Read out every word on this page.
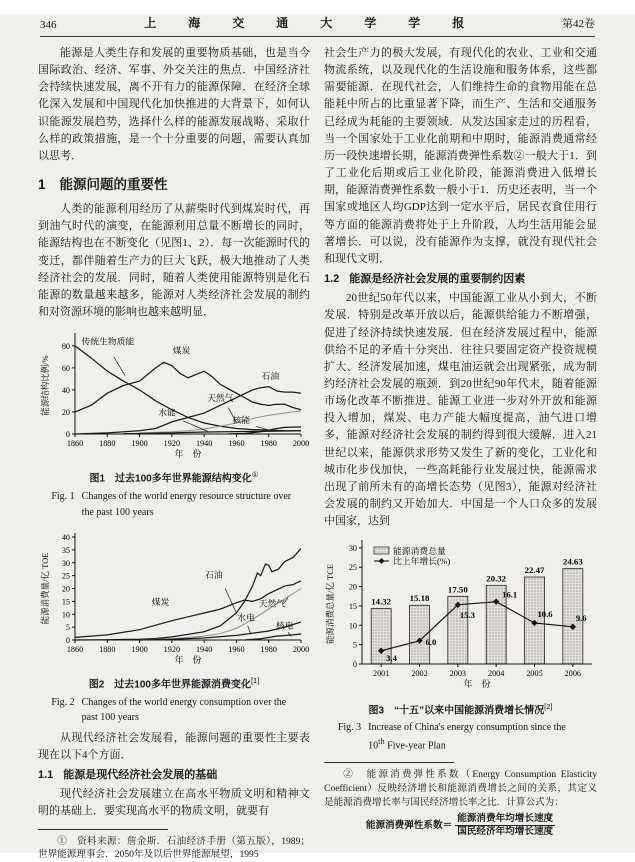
346	上　海　交　通　大　学　学　报	第42卷

能源是人类生存和发展的重要物质基础，也是当今国际政治、经济、军事、外交关注的焦点．中国经济社会持续快速发展，离不开有力的能源保障．在经济全球化深入发展和中国现代化加快推进的大背景下，如何认识能源发展趋势，选择什么样的能源发展战略、采取什么样的政策措施，是一个十分重要的问题，需要认真加以思考．

1 能源问题的重要性

人类的能源利用经历了从薪柴时代到煤炭时代，再到油气时代的演变，在能源利用总量不断增长的同时，能源结构也在不断变化（见图1、2）．每一次能源时代的变迁，都伴随着生产力的巨大飞跃，极大地推动了人类经济社会的发展．同时，随着人类使用能源特别是化石能源的数量越来越多，能源对人类经济社会发展的制约和对资源环境的影响也越来越明显．

0
20
40
60
80
1860 1880 1900 1920 1940 1960 1980 2000
年　份
能源结构比例/%
传统生物质能
煤炭
石油
天然气
水能
核能
图1　过去100多年世界能源结构变化①
Fig. 1 Changes of the world energy resource structure over the past 100 years
0
5
10
15
20
25
30
35
40
1860 1880 1900 1920 1940 1960 1980 2000
年　份
能源消费量/亿 TOE	石油
煤炭	天然气
水电
核电
图2　过去100多年世界能源消费变化[1]
Fig. 2 Changes of the world energy consumption over the past 100 years

从现代经济社会发展看，能源问题的重要性主要表现在以下4个方面．

1.1 能源是现代经济社会发展的基础

现代经济社会发展建立在高水平物质文明和精神文明的基础上．要实现高水平的物质文明，就要有

①　资料来源：詹金斯．石油经济手册（第五版），1989；世界能源理事会．2050年及以后世界能源展望，1995

社会生产力的极大发展，有现代化的农业、工业和交通物流系统，以及现代化的生活设施和服务体系，这些都需要能源．在现代社会，人们维持生命的食物用能在总能耗中所占的比重显著下降，而生产、生活和交通服务已经成为耗能的主要领域．从发达国家走过的历程看，当一个国家处于工业化前期和中期时，能源消费通常经历一段快速增长期，能源消费弹性系数②一般大于1．到了工业化后期或后工业化阶段，能源消费进入低增长期，能源消费弹性系数一般小于1．历史还表明，当一个国家或地区人均GDP达到一定水平后，居民衣食住用行等方面的能源消费将处于上升阶段，人均生活用能会显著增长．可以说，没有能源作为支撑，就没有现代社会和现代文明．

1.2 能源是经济社会发展的重要制约因素

20世纪50年代以来，中国能源工业从小到大，不断发展．特别是改革开放以后，能源供给能力不断增强，促进了经济持续快速发展．但在经济发展过程中，能源供给不足的矛盾十分突出．往往只要固定资产投资规模扩大、经济发展加速，煤电油运就会出现紧张，成为制约经济社会发展的瓶颈．到20世纪90年代末，随着能源市场化改革不断推进、能源工业进一步对外开放和能源投入增加，煤炭、电力产能大幅度提高，油气进口增多，能源对经济社会发展的制约得到很大缓解．进入21世纪以来，能源供求形势又发生了新的变化，工业化和城市化步伐加快，一些高耗能行业发展过快，能源需求出现了前所未有的高增长态势（见图3），能源对经济社会发展的制约又开始加大．中国是一个人口众多的发展中国家，达到

14.32 15.18
17.50
20.32
22.47
24.63
3.4
6.0
15.3
16.1
10.6	9.6
0
5
10
15
20
25
30
2001	2002	2003	2004	2005	2006
年　份
能源消费总量/亿 TCE
能源消费总量
比上年增长(%)
图3　“十五”以来中国能源消费增长情况[2]
Fig. 3 Increase of China's energy consumption since the 10th Five-year Plan

②　能源消费弹性系数（Energy Consumption Elasticity Coefficient）反映经济增长和能源消费增长之间的关系，其定义是能源消费增长率与国民经济增长率之比．计算公式为：

能源消费弹性系数＝ $\frac{\text{能源消费年均增长速度}}{\text{国民经济年均增长速度}}$
